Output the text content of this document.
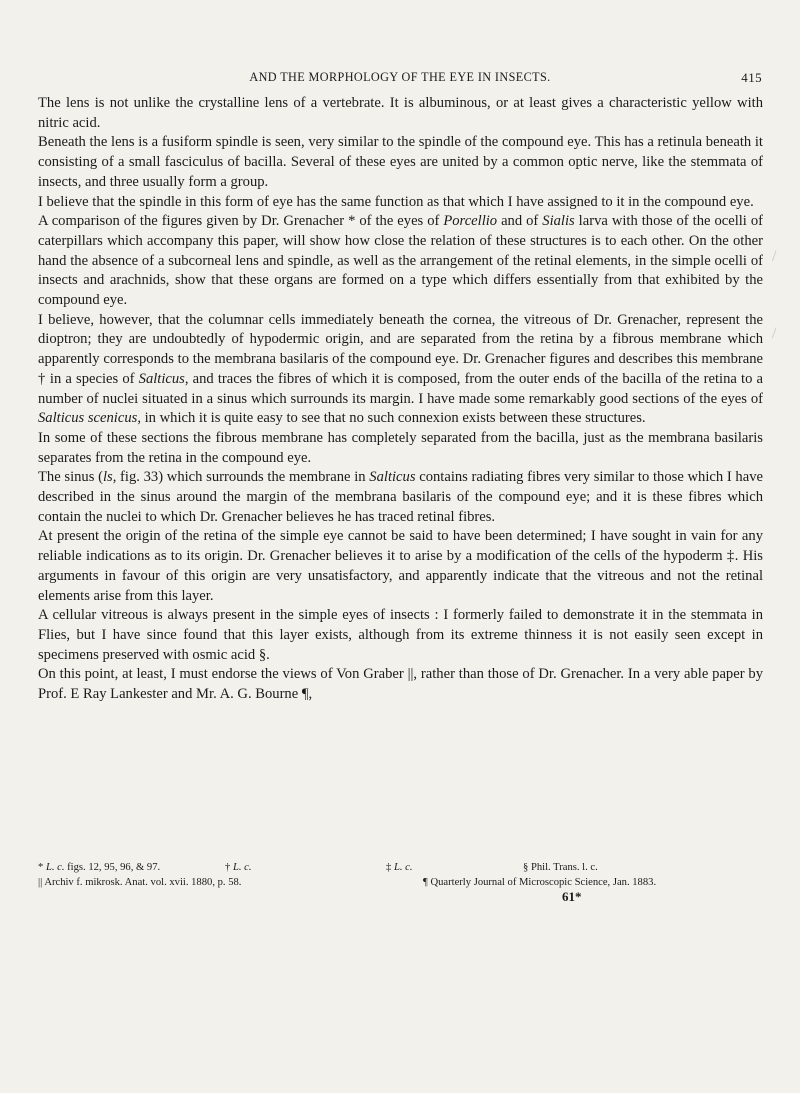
AND THE MORPHOLOGY OF THE EYE IN INSECTS.	415

The lens is not unlike the crystalline lens of a vertebrate. It is albuminous, or at least gives a characteristic yellow with nitric acid.

Beneath the lens is a fusiform spindle is seen, very similar to the spindle of the compound eye. This has a retinula beneath it consisting of a small fasciculus of bacilla. Several of these eyes are united by a common optic nerve, like the stemmata of insects, and three usually form a group.

I believe that the spindle in this form of eye has the same function as that which I have assigned to it in the compound eye.

A comparison of the figures given by Dr. Grenacher * of the eyes of Porcellio and of Sialis larva with those of the ocelli of caterpillars which accompany this paper, will show how close the relation of these structures is to each other. On the other hand the absence of a subcorneal lens and spindle, as well as the arrangement of the retinal elements, in the simple ocelli of insects and arachnids, show that these organs are formed on a type which differs essentially from that exhibited by the compound eye.

I believe, however, that the columnar cells immediately beneath the cornea, the vitreous of Dr. Grenacher, represent the dioptron; they are undoubtedly of hypodermic origin, and are separated from the retina by a fibrous membrane which apparently corresponds to the membrana basilaris of the compound eye. Dr. Grenacher figures and describes this membrane † in a species of Salticus, and traces the fibres of which it is composed, from the outer ends of the bacilla of the retina to a number of nuclei situated in a sinus which surrounds its margin. I have made some remarkably good sections of the eyes of Salticus scenicus, in which it is quite easy to see that no such connexion exists between these structures.

In some of these sections the fibrous membrane has completely separated from the bacilla, just as the membrana basilaris separates from the retina in the compound eye.

The sinus (ls, fig. 33) which surrounds the membrane in Salticus contains radiating fibres very similar to those which I have described in the sinus around the margin of the membrana basilaris of the compound eye; and it is these fibres which contain the nuclei to which Dr. Grenacher believes he has traced retinal fibres.

At present the origin of the retina of the simple eye cannot be said to have been determined; I have sought in vain for any reliable indications as to its origin. Dr. Grenacher believes it to arise by a modification of the cells of the hypoderm ‡. His arguments in favour of this origin are very unsatisfactory, and apparently indicate that the vitreous and not the retinal elements arise from this layer.

A cellular vitreous is always present in the simple eyes of insects : I formerly failed to demonstrate it in the stemmata in Flies, but I have since found that this layer exists, although from its extreme thinness it is not easily seen except in specimens preserved with osmic acid §.

On this point, at least, I must endorse the views of Von Graber ||, rather than those of Dr. Grenacher. In a very able paper by Prof. E Ray Lankester and Mr. A. G. Bourne ¶,

* L. c. figs. 12, 95, 96, & 97.	† L. c.	‡ L. c.	§ Phil. Trans. l. c.
|| Archiv f. mikrosk. Anat. vol. xvii. 1880, p. 58.	¶ Quarterly Journal of Microscopic Science, Jan. 1883.
61*
/
/
